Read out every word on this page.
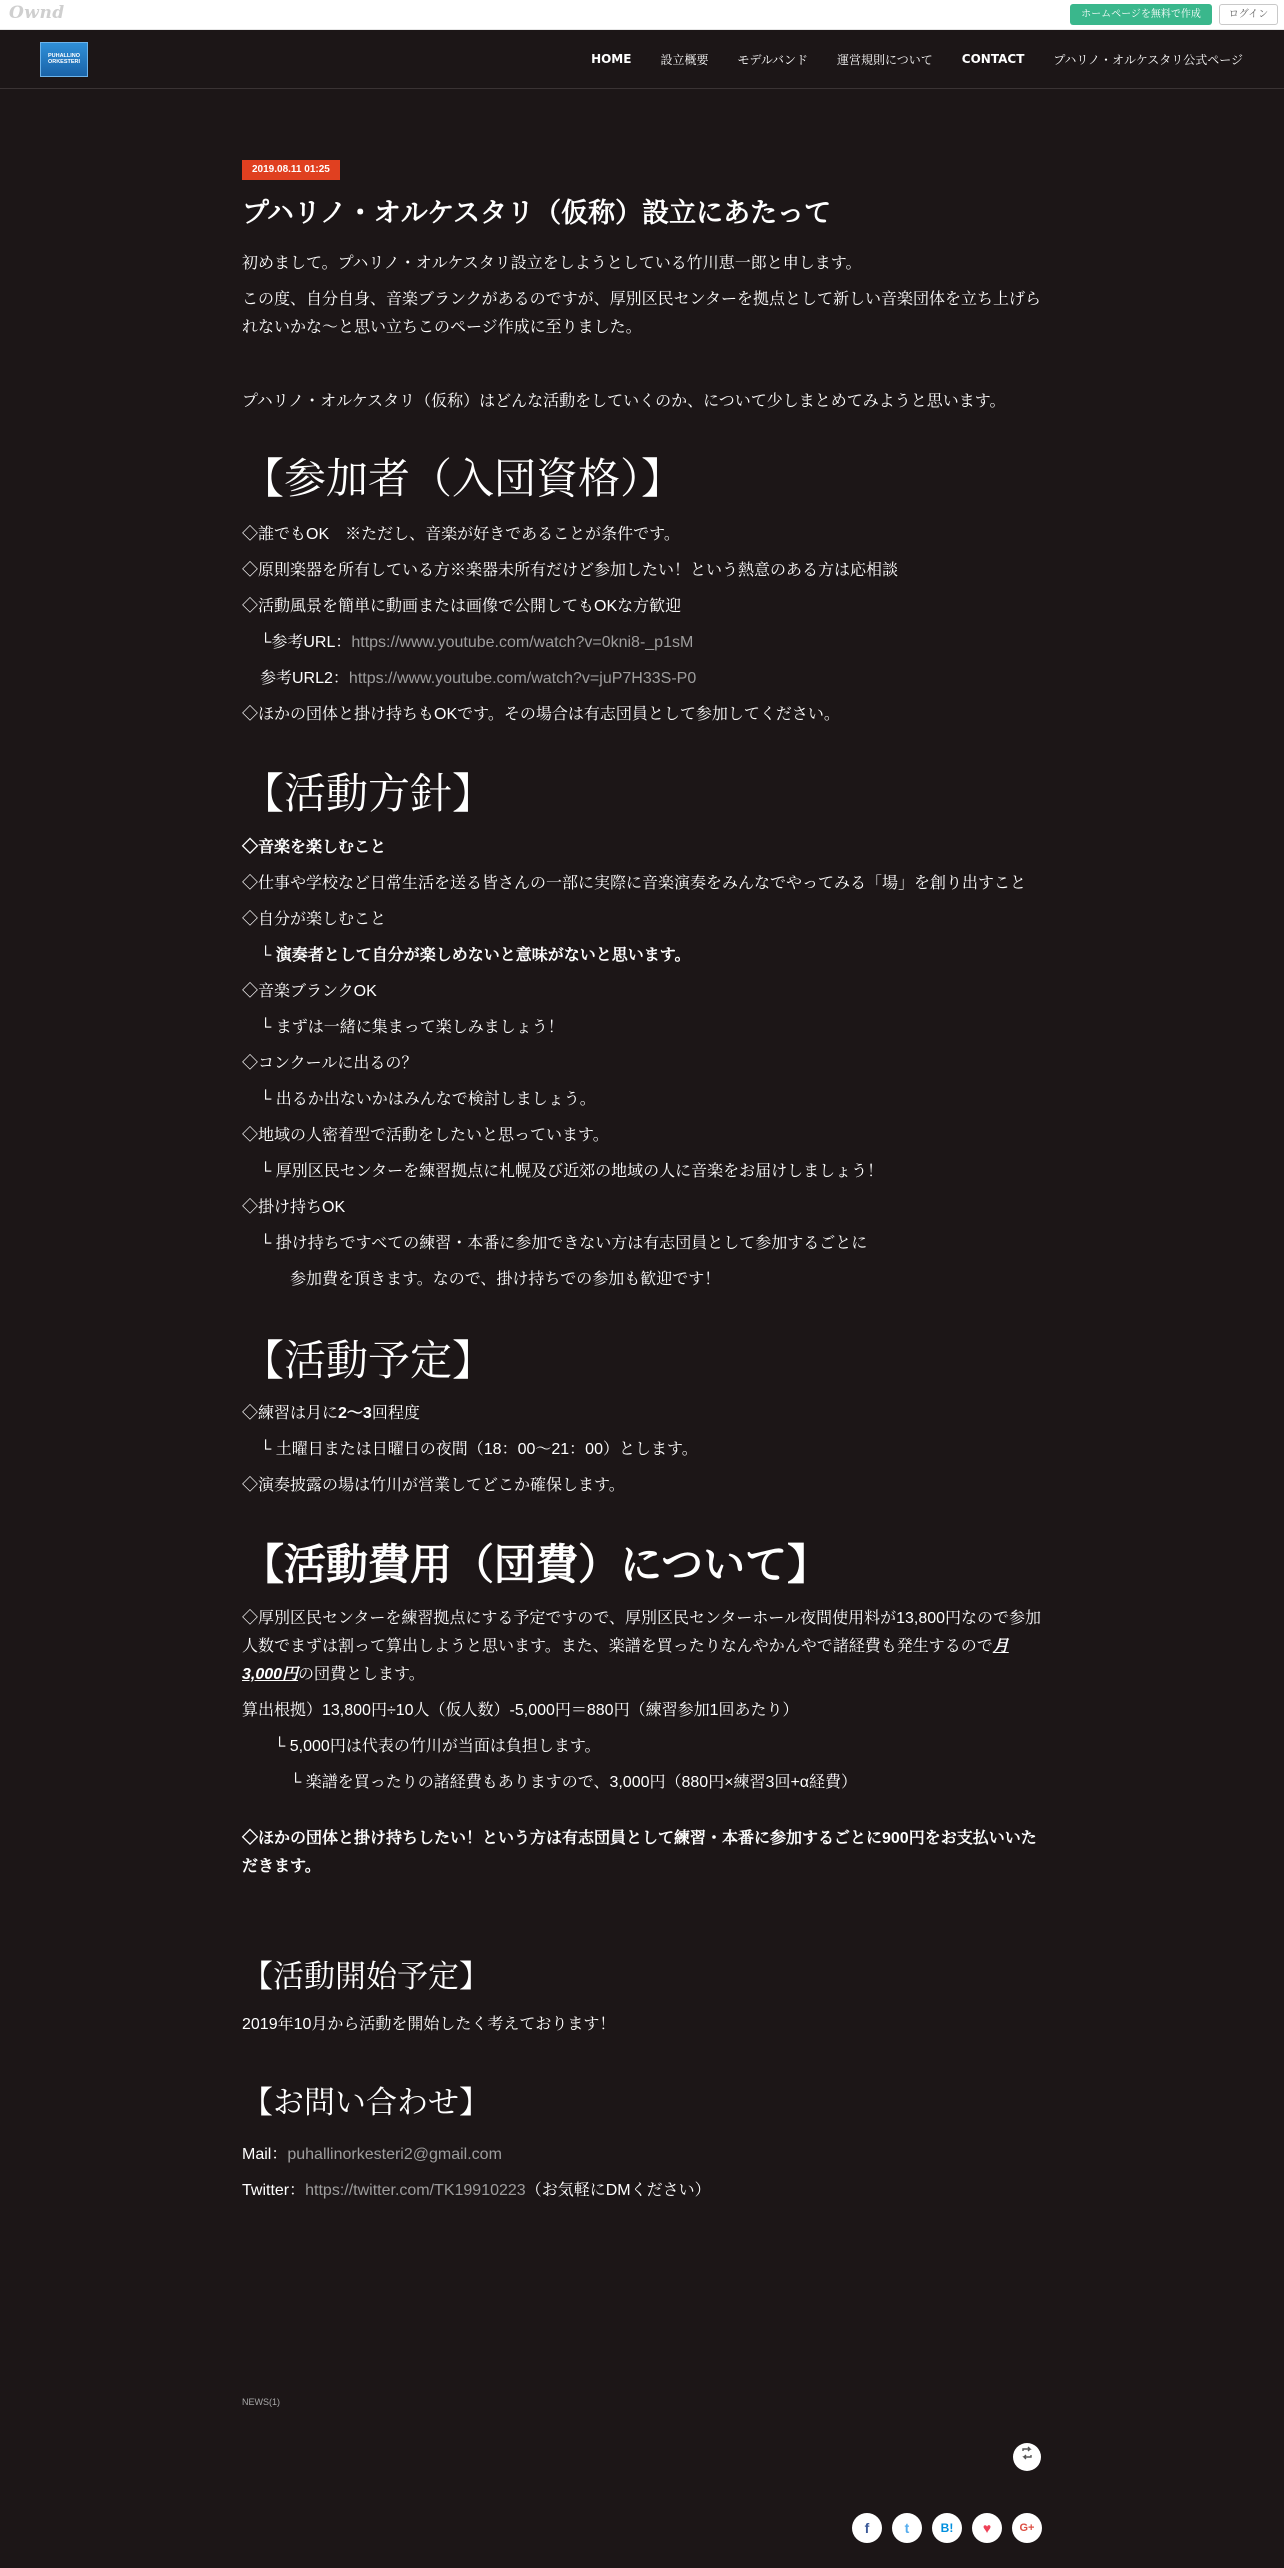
Ownd	ホームページを無料で作成	ログイン
PUHALLINO ORKESTERI	HOME 設立概要 モデルバンド 運営規則について CONTACT プハリノ・オルケスタリ公式ページ
2019.08.11 01:25
プハリノ・オルケスタリ（仮称）設立にあたって

初めまして。プハリノ・オルケスタリ設立をしようとしている竹川恵一郎と申します。

この度、自分自身、音楽ブランクがあるのですが、厚別区民センターを拠点として新しい音楽団体を立ち上げられないかな～と思い立ちこのページ作成に至りました。

プハリノ・オルケスタリ（仮称）はどんな活動をしていくのか、について少しまとめてみようと思います。

【参加者（入団資格）】

◇誰でもOK　※ただし、音楽が好きであることが条件です。

◇原則楽器を所有している方※楽器未所有だけど参加したい！という熱意のある方は応相談

◇活動風景を簡単に動画または画像で公開してもOKな方歓迎

└参考URL：https://www.youtube.com/watch?v=0kni8-_p1sM

参考URL2：https://www.youtube.com/watch?v=juP7H33S-P0

◇ほかの団体と掛け持ちもOKです。その場合は有志団員として参加してください。

【活動方針】

◇音楽を楽しむこと

◇仕事や学校など日常生活を送る皆さんの一部に実際に音楽演奏をみんなでやってみる「場」を創り出すこと

◇自分が楽しむこと

└ 演奏者として自分が楽しめないと意味がないと思います。

◇音楽ブランクOK

└ まずは一緒に集まって楽しみましょう！

◇コンクールに出るの？

└ 出るか出ないかはみんなで検討しましょう。

◇地域の人密着型で活動をしたいと思っています。

└ 厚別区民センターを練習拠点に札幌及び近郊の地域の人に音楽をお届けしましょう！

◇掛け持ちOK

└ 掛け持ちですべての練習・本番に参加できない方は有志団員として参加するごとに

参加費を頂きます。なので、掛け持ちでの参加も歓迎です！

【活動予定】

◇練習は月に2～3回程度

└ 土曜日または日曜日の夜間（18：00～21：00）とします。

◇演奏披露の場は竹川が営業してどこか確保します。

【活動費用（団費）について】

◇厚別区民センターを練習拠点にする予定ですので、厚別区民センターホール夜間使用料が13,800円なので参加人数でまずは割って算出しようと思います。また、楽譜を買ったりなんやかんやで諸経費も発生するので月3,000円の団費とします。

算出根拠）13,800円÷10人（仮人数）-5,000円＝880円（練習参加1回あたり）

└ 5,000円は代表の竹川が当面は負担します。

└ 楽譜を買ったりの諸経費もありますので、3,000円（880円×練習3回+α経費）

◇ほかの団体と掛け持ちしたい！という方は有志団員として練習・本番に参加するごとに900円をお支払いいただきます。

【活動開始予定】

2019年10月から活動を開始したく考えております！

【お問い合わせ】

Mail：puhallinorkesteri2@gmail.com

Twitter：https://twitter.com/TK19910223（お気軽にDMください）

NEWS(1)
f	t	B!	♥	G+
